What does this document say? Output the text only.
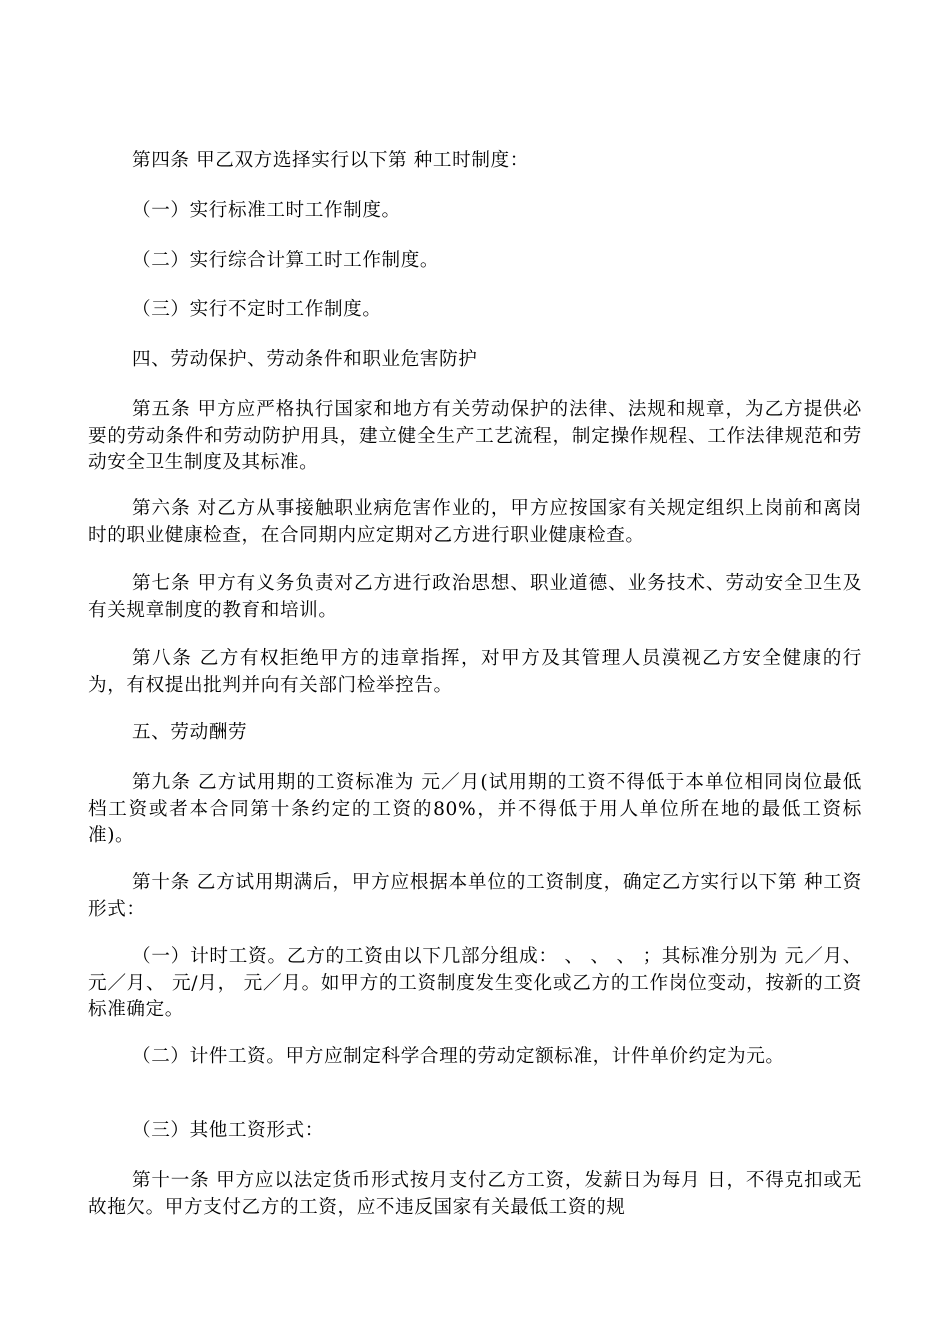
第四条 甲乙双方选择实行以下第 种工时制度：
（一）实行标准工时工作制度。
（二）实行综合计算工时工作制度。
（三）实行不定时工作制度。
四、劳动保护、劳动条件和职业危害防护
第五条 甲方应严格执行国家和地方有关劳动保护的法律、法规和规章，为乙方提供必要的劳动条件和劳动防护用具，建立健全生产工艺流程，制定操作规程、工作法律规范和劳动安全卫生制度及其标准。
第六条 对乙方从事接触职业病危害作业的，甲方应按国家有关规定组织上岗前和离岗时的职业健康检查，在合同期内应定期对乙方进行职业健康检查。
第七条 甲方有义务负责对乙方进行政治思想、职业道德、业务技术、劳动安全卫生及有关规章制度的教育和培训。
第八条 乙方有权拒绝甲方的违章指挥，对甲方及其管理人员漠视乙方安全健康的行为，有权提出批判并向有关部门检举控告。
五、劳动酬劳
第九条 乙方试用期的工资标准为 元／月(试用期的工资不得低于本单位相同岗位最低档工资或者本合同第十条约定的工资的80%，并不得低于用人单位所在地的最低工资标准)。
第十条 乙方试用期满后，甲方应根据本单位的工资制度，确定乙方实行以下第 种工资形式：
（一）计时工资。乙方的工资由以下几部分组成： 、 、 、 ；其标准分别为 元／月、 元／月、 元/月， 元／月。如甲方的工资制度发生变化或乙方的工作岗位变动，按新的工资标准确定。
（二）计件工资。甲方应制定科学合理的劳动定额标准，计件单价约定为元。
（三）其他工资形式：
第十一条 甲方应以法定货币形式按月支付乙方工资，发薪日为每月 日，不得克扣或无故拖欠。甲方支付乙方的工资，应不违反国家有关最低工资的规
